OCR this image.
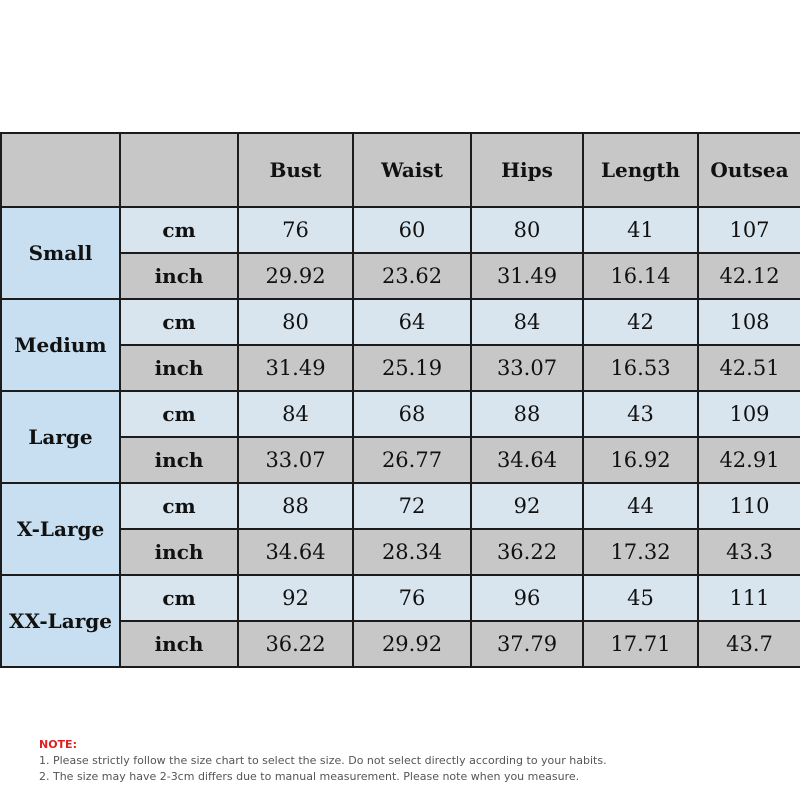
		Bust	Waist	Hips	Length	Outsea
Small	cm	76	60	80	41	107
	inch	29.92	23.62	31.49	16.14	42.12
Medium	cm	80	64	84	42	108
	inch	31.49	25.19	33.07	16.53	42.51
Large	cm	84	68	88	43	109
	inch	33.07	26.77	34.64	16.92	42.91
X-Large	cm	88	72	92	44	110
	inch	34.64	28.34	36.22	17.32	43.3
XX-Large	cm	92	76	96	45	111
	inch	36.22	29.92	37.79	17.71	43.7
NOTE:
1. Please strictly follow the size chart to select the size. Do not select directly according to your habits.
2. The size may have 2-3cm differs due to manual measurement. Please note when you measure.
